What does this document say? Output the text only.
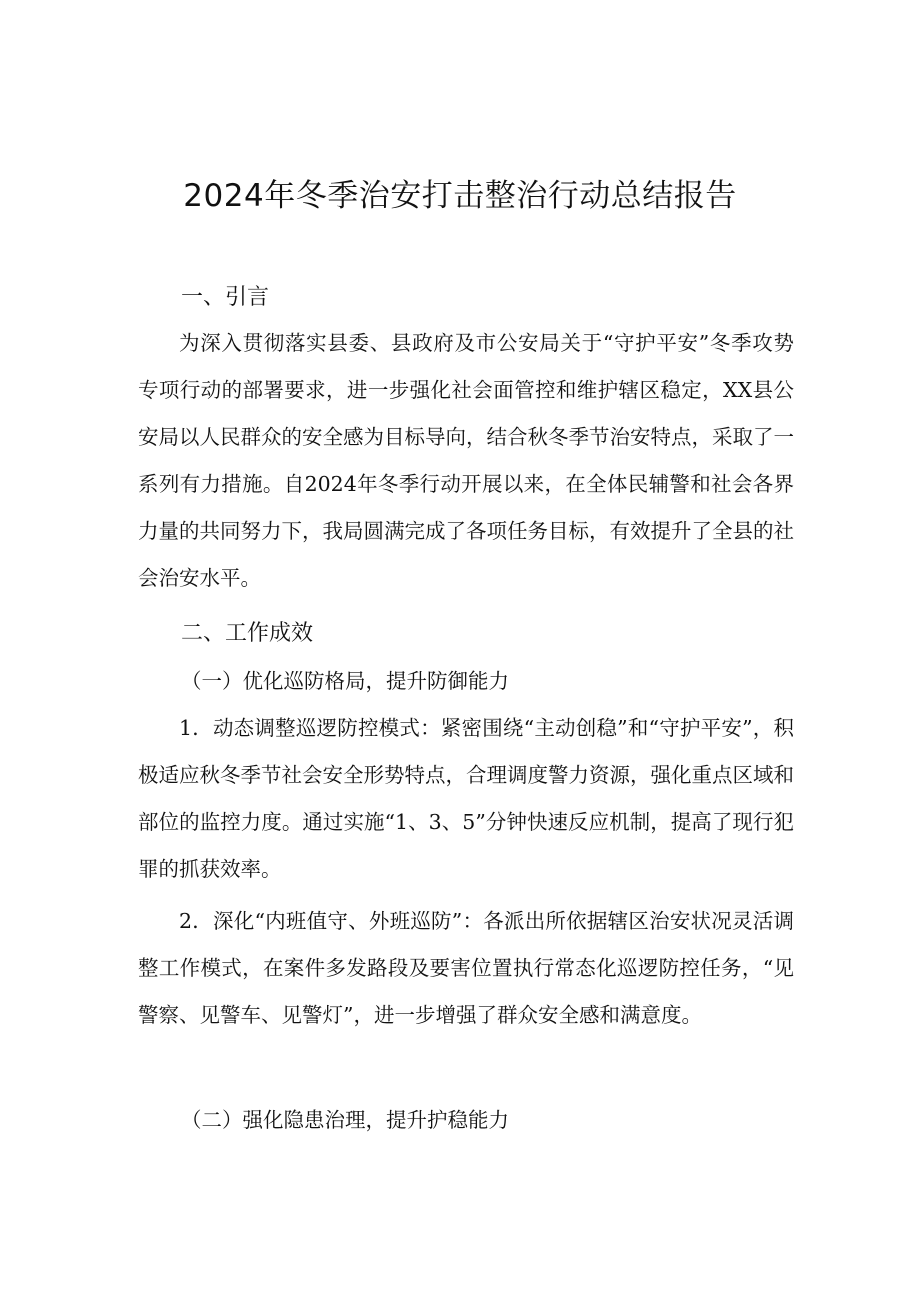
2024年冬季治安打击整治行动总结报告
一、引言

为深入贯彻落实县委、县政府及市公安局关于“守护平安”冬季攻势专项行动的部署要求，进一步强化社会面管控和维护辖区稳定，XX县公安局以人民群众的安全感为目标导向，结合秋冬季节治安特点，采取了一系列有力措施。自2024年冬季行动开展以来，在全体民辅警和社会各界力量的共同努力下，我局圆满完成了各项任务目标，有效提升了全县的社会治安水平。

二、工作成效

（一）优化巡防格局，提升防御能力

1．动态调整巡逻防控模式：紧密围绕“主动创稳”和“守护平安”，积极适应秋冬季节社会安全形势特点，合理调度警力资源，强化重点区域和部位的监控力度。通过实施“1、3、5”分钟快速反应机制，提高了现行犯罪的抓获效率。

2．深化“内班值守、外班巡防”：各派出所依据辖区治安状况灵活调整工作模式，在案件多发路段及要害位置执行常态化巡逻防控任务，“见警察、见警车、见警灯”，进一步增强了群众安全感和满意度。

（二）强化隐患治理，提升护稳能力
